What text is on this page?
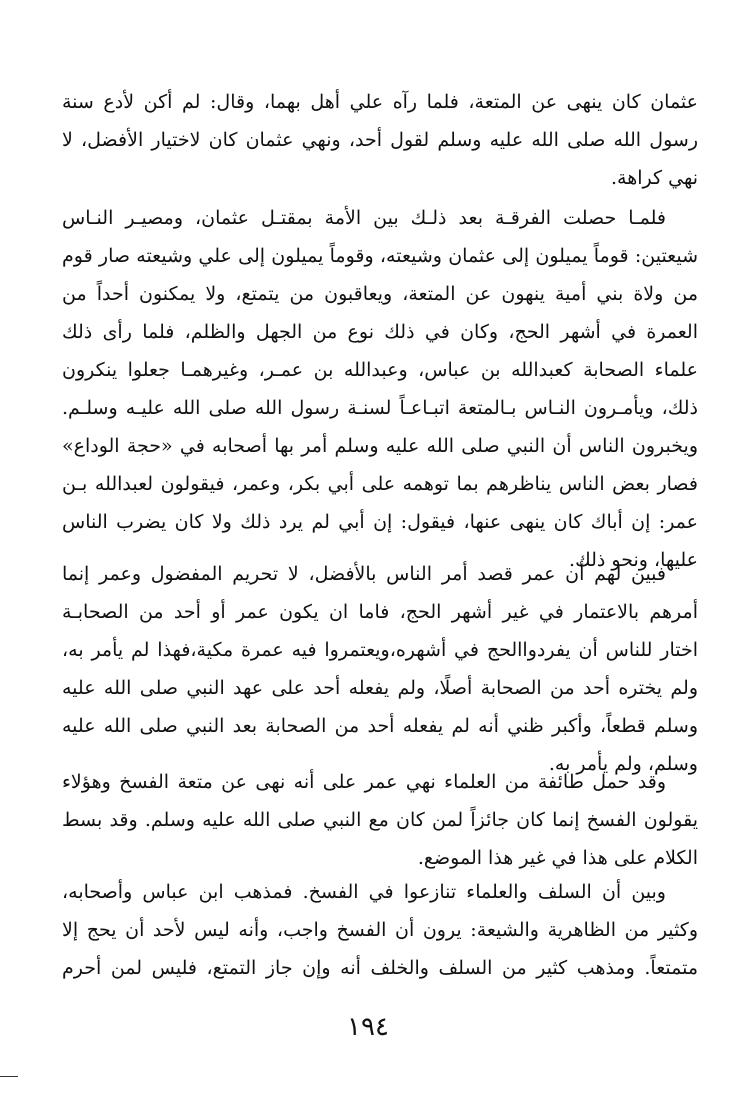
عثمان كان ينهى عن المتعة، فلما رآه علي أهل بهما، وقال: لم أكن لأدع سنة
رسول الله صلى الله عليه وسلم لقول أحد، ونهي عثمان كان لاختيار الأفضل، لا
نهي كراهة.
فلمـا حصلت الفرقـة بعد ذلـك بين الأمة بمقتـل عثمان، ومصيـر النـاس
شيعتين: قوماً يميلون إلى عثمان وشيعته، وقوماً يميلون إلى علي وشيعته صار قوم
من ولاة بني أمية ينهون عن المتعة، ويعاقبون من يتمتع، ولا يمكنون أحداً من
العمرة في أشهر الحج، وكان في ذلك نوع من الجهل والظلم، فلما رأى ذلك
علماء الصحابة كعبدالله بن عباس، وعبدالله بن عمـر، وغيرهمـا جعلوا ينكرون
ذلك، ويأمـرون النـاس بـالمتعة اتبـاعـاً لسنـة رسول الله صلى الله عليـه وسلـم.
ويخبرون الناس أن النبي صلى الله عليه وسلم أمر بها أصحابه في «حجة الوداع»
فصار بعض الناس يناظرهم بما توهمه على أبي بكر، وعمر، فيقولون لعبدالله بـن
عمر: إن أباك كان ينهى عنها، فيقول: إن أبي لم يرد ذلك ولا كان يضرب الناس
عليها، ونحو ذلك.
فبين لهم أن عمر قصد أمر الناس بالأفضل، لا تحريم المفضول وعمر إنما
أمرهم بالاعتمار في غير أشهر الحج، فاما ان يكون عمر أو أحد من الصحابـة
اختار للناس أن يفردواالحج في أشهره،ويعتمروا فيه عمرة مكية،فهذا لم يأمر به،
ولم يختره أحد من الصحابة أصلًا، ولم يفعله أحد على عهد النبي صلى الله عليه
وسلم قطعاً، وأكبر ظني أنه لم يفعله أحد من الصحابة بعد النبي صلى الله عليه
وسلم، ولم يأمر به.
وقد حمل طائفة من العلماء نهي عمر على أنه نهى عن متعة الفسخ وهؤلاء
يقولون الفسخ إنما كان جائزاً لمن كان مع النبي صلى الله عليه وسلم. وقد بسط
الكلام على هذا في غير هذا الموضع.
وبين أن السلف والعلماء تنازعوا في الفسخ. فمذهب ابن عباس وأصحابه،
وكثير من الظاهرية والشيعة: يرون أن الفسخ واجب، وأنه ليس لأحد أن يحج إلا
متمتعاً. ومذهب كثير من السلف والخلف أنه وإن جاز التمتع، فليس لمن أحرم
١٩٤
